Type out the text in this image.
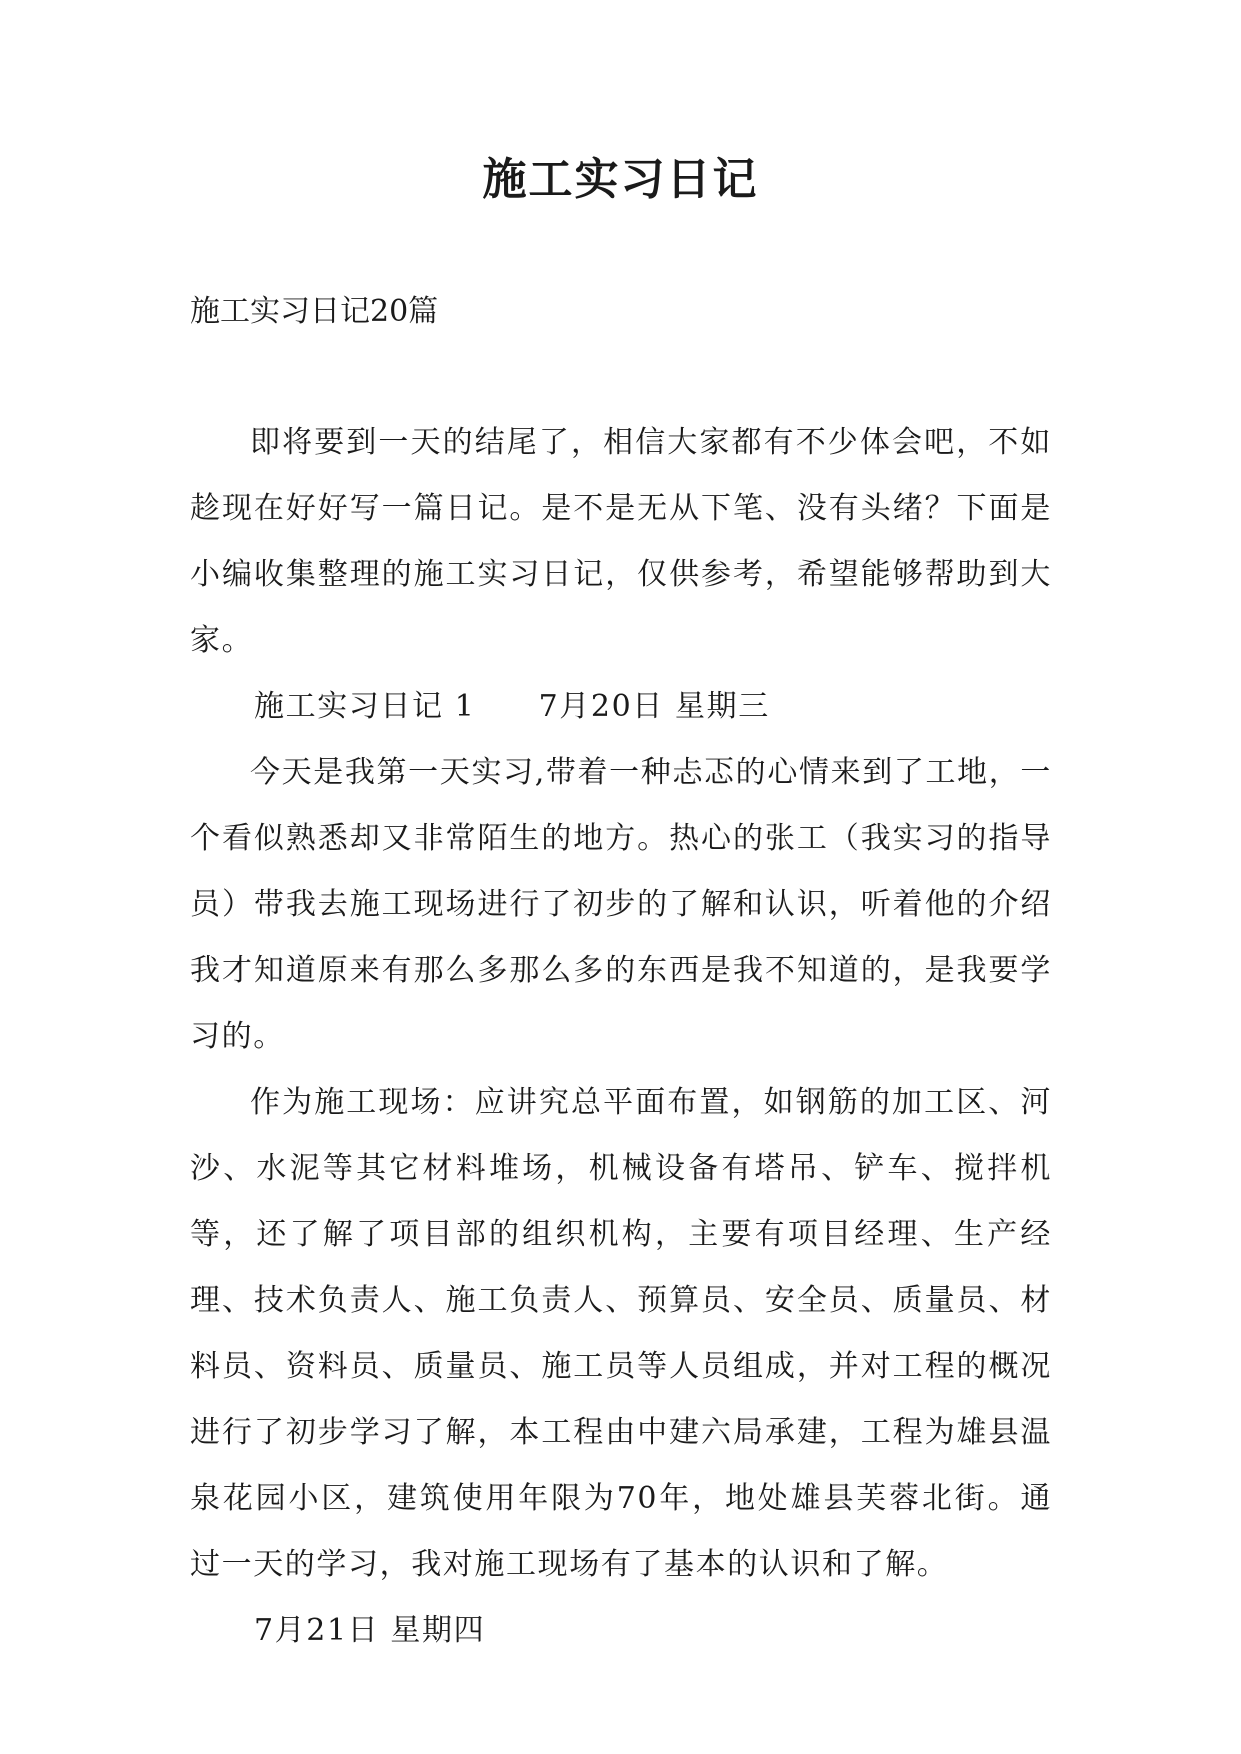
施工实习日记

施工实习日记20篇

即将要到一天的结尾了，相信大家都有不少体会吧，不如趁现在好好写一篇日记。是不是无从下笔、没有头绪？下面是小编收集整理的施工实习日记，仅供参考，希望能够帮助到大家。

施工实习日记 1　　7月20日 星期三

今天是我第一天实习,带着一种忐忑的心情来到了工地，一个看似熟悉却又非常陌生的地方。热心的张工（我实习的指导员）带我去施工现场进行了初步的了解和认识，听着他的介绍我才知道原来有那么多那么多的东西是我不知道的，是我要学习的。

作为施工现场：应讲究总平面布置，如钢筋的加工区、河沙、水泥等其它材料堆场，机械设备有塔吊、铲车、搅拌机等，还了解了项目部的组织机构，主要有项目经理、生产经理、技术负责人、施工负责人、预算员、安全员、质量员、材料员、资料员、质量员、施工员等人员组成，并对工程的概况进行了初步学习了解，本工程由中建六局承建，工程为雄县温泉花园小区，建筑使用年限为70年，地处雄县芙蓉北街。通过一天的学习，我对施工现场有了基本的认识和了解。

7月21日 星期四
